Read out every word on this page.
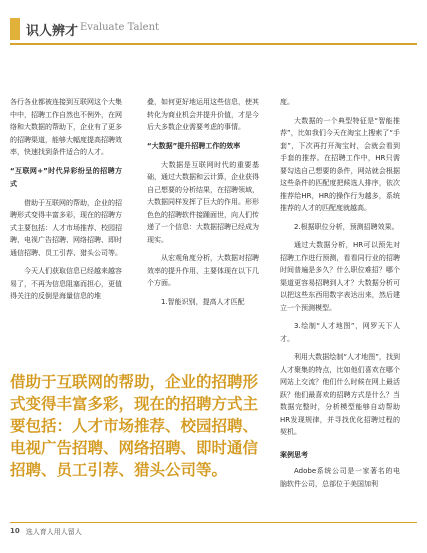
识人辨才 Evaluate Talent

各行各业都被连接到互联网这个大集中中，招聘工作自然也不例外，在网络和大数据的帮助下，企业有了更多的招聘渠道，能够大幅度提高招聘效率，快速找到条件适合的人才。

“互联网+”时代异彩纷呈的招聘方式

借助于互联网的帮助，企业的招聘形式变得丰富多彩，现在的招聘方式主要包括：人才市场推荐、校园招聘、电视广告招聘、网络招聘、即时通信招聘、员工引荐、猎头公司等。

今天人们获取信息已经越来越容易了，不再为信息阻塞而担心，更值得关注的反倒是海量信息的堆

叠，如何更好地运用这些信息，使其转化为商业机会并提升价值，才是今后大多数企业需要考虑的事情。

“大数据”提升招聘工作的效率

大数据是互联网时代的重要基础，通过大数据和云计算，企业获得自己想要的分析结果，在招聘领域，大数据同样发挥了巨大的作用。形形色色的招聘软件接踵面世，向人们传递了一个信息：大数据招聘已经成为现实。

从宏观角度分析，大数据对招聘效率的提升作用，主要体现在以下几个方面。

1.智能识别，提高人才匹配

度。

大数据的一个典型特征是“智能推荐”，比如我们今天在淘宝上搜索了“手套”，下次再打开淘宝时，会就会看到手套的推荐。在招聘工作中，HR只需要勾选自己想要的条件，网站就会根据这些条件的匹配度把候选人排序，依次推荐给HR，HR的操作行为越多，系统推荐的人才的匹配度就越高。

2.根据职位分析，预测招聘效果。

通过大数据分析，HR可以预先对招聘工作进行预测，看看同行业的招聘时间普遍是多久？什么职位难招？哪个渠道更容易招聘到人才？大数据分析可以把这些东西用数字表达出来，然后建立一个预测模型。

3.绘制“人才地图”，网罗天下人才。

利用大数据绘制“人才地图”，找到人才聚集的特点，比如他们喜欢在哪个网站上交流？他们什么时候在网上最活跃？他们最喜欢的招聘方式是什么？当数据完整时，分析模型能够自动帮助HR发现规律，并寻找优化招聘过程的契机。

案例思考

Adobe系统公司是一家著名的电脑软件公司，总部位于美国加利

借助于互联网的帮助，企业的招聘形式变得丰富多彩，现在的招聘方式主要包括：人才市场推荐、校园招聘、电视广告招聘、网络招聘、即时通信招聘、员工引荐、猎头公司等。
10 选人育人用人留人
